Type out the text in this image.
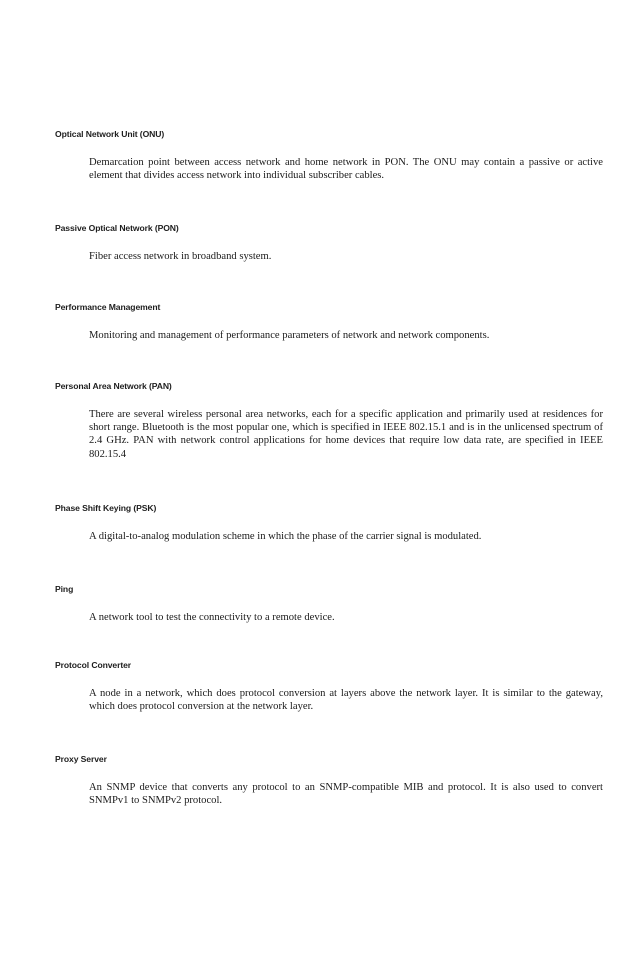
Optical Network Unit (ONU)

Demarcation point between access network and home network in PON. The ONU may contain a passive or active element that divides access network into individual subscriber cables.

Passive Optical Network (PON)

Fiber access network in broadband system.

Performance Management

Monitoring and management of performance parameters of network and network components.

Personal Area Network (PAN)

There are several wireless personal area networks, each for a specific application and primarily used at residences for short range. Bluetooth is the most popular one, which is specified in IEEE 802.15.1 and is in the unlicensed spectrum of 2.4 GHz. PAN with network control applications for home devices that require low data rate, are specified in IEEE 802.15.4

Phase Shift Keying (PSK)

A digital-to-analog modulation scheme in which the phase of the carrier signal is modulated.

Ping

A network tool to test the connectivity to a remote device.

Protocol Converter

A node in a network, which does protocol conversion at layers above the network layer. It is similar to the gateway, which does protocol conversion at the network layer.

Proxy Server

An SNMP device that converts any protocol to an SNMP-compatible MIB and protocol. It is also used to convert SNMPv1 to SNMPv2 protocol.
